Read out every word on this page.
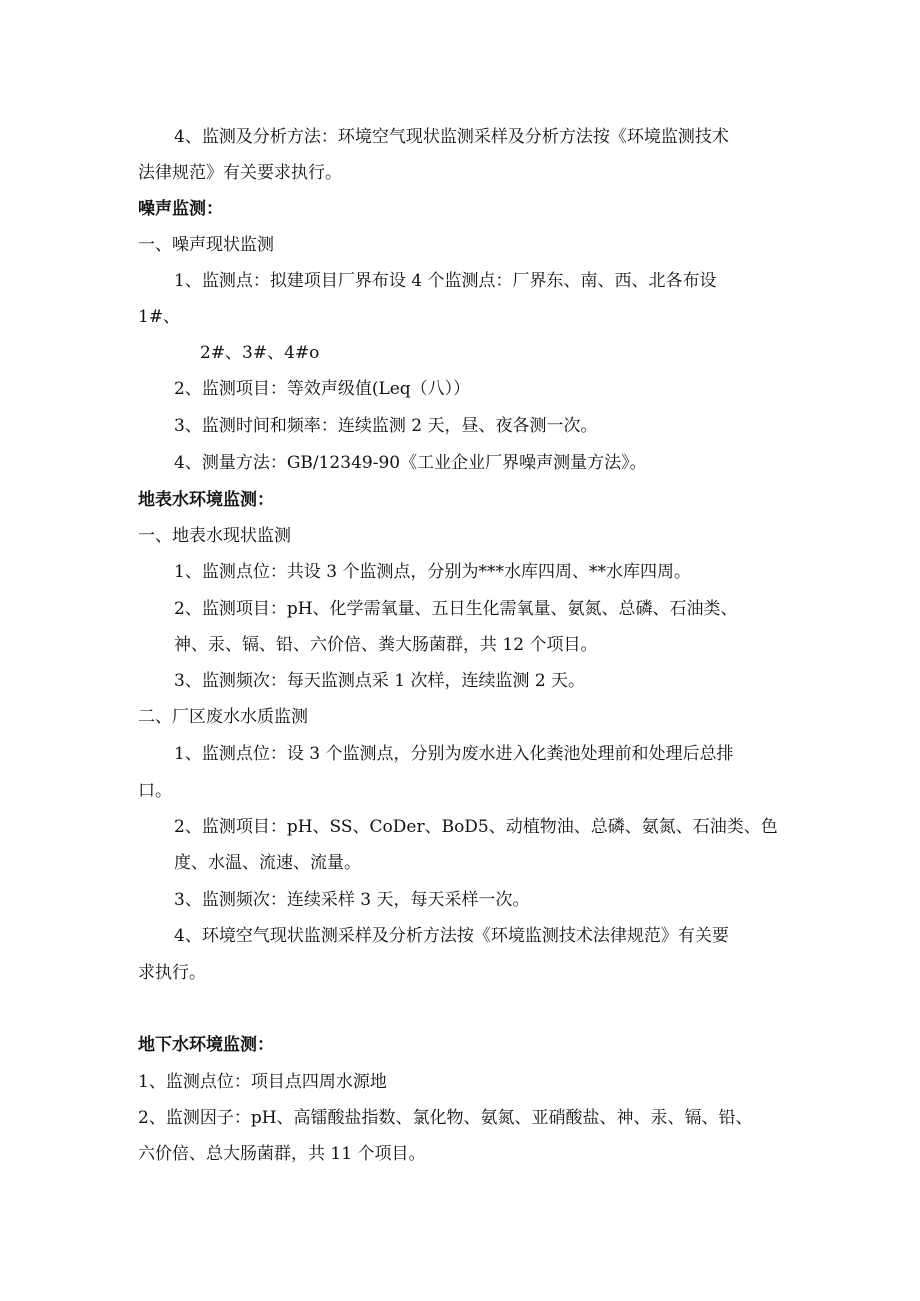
4、监测及分析方法：环境空气现状监测采样及分析方法按《环境监测技术
法律规范》有关要求执行。
噪声监测：
一、噪声现状监测
1、监测点：拟建项目厂界布设 4 个监测点：厂界东、南、西、北各布设
1#、
2#、3#、4#o
2、监测项目：等效声级值(Leq（八））
3、监测时间和频率：连续监测 2 天，昼、夜各测一次。
4、测量方法：GB/12349-90《工业企业厂界噪声测量方法》。
地表水环境监测：
一、地表水现状监测
1、监测点位：共设 3 个监测点，分别为***水库四周、**水库四周。
2、监测项目：pH、化学需氧量、五日生化需氧量、氨氮、总磷、石油类、
神、汞、镉、铅、六价倍、粪大肠菌群，共 12 个项目。
3、监测频次：每天监测点采 1 次样，连续监测 2 天。
二、厂区废水水质监测
1、监测点位：设 3 个监测点，分别为废水进入化粪池处理前和处理后总排
口。
2、监测项目：pH、SS、CoDer、BoD5、动植物油、总磷、氨氮、石油类、色
度、水温、流速、流量。
3、监测频次：连续采样 3 天，每天采样一次。
4、环境空气现状监测采样及分析方法按《环境监测技术法律规范》有关要
求执行。
地下水环境监测：
1、监测点位：项目点四周水源地
2、监测因子：pH、高镭酸盐指数、氯化物、氨氮、亚硝酸盐、神、汞、镉、铅、
六价倍、总大肠菌群，共 11 个项目。
